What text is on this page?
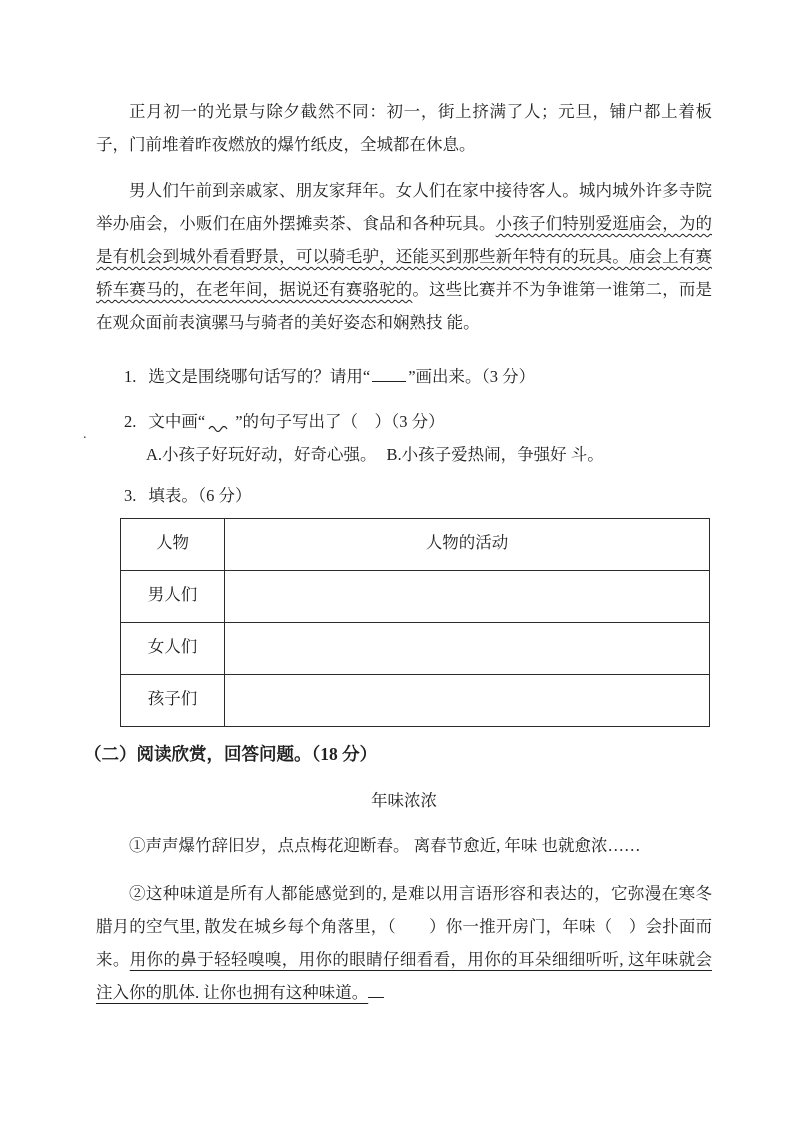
正月初一的光景与除夕截然不同：初一，街上挤满了人；元旦，铺户都上着板子，门前堆着昨夜燃放的爆竹纸皮，全城都在休息。

男人们午前到亲戚家、朋友家拜年。女人们在家中接待客人。城内城外许多寺院举办庙会，小贩们在庙外摆摊卖茶、食品和各种玩具。小孩子们特别爱逛庙会，为的是有机会到城外看看野景，可以骑毛驴，还能买到那些新年特有的玩具。庙会上有赛轿车赛马的，在老年间，据说还有赛骆驼的。这些比赛并不为争谁第一谁第二，而是在观众面前表演骡马与骑者的美好姿态和娴熟技 能。

1. 选文是围绕哪句话写的？请用“ ”画出来。（3 分）

2. 文中画“ ”的句子写出了（　）（3 分）

A.小孩子好玩好动，好奇心强。 B.小孩子爱热闹，争强好 斗。

.

3. 填表。（6 分）

人物	人物的活动
男人们	
女人们	
孩子们	

（二）阅读欣赏，回答问题。（18 分）

年味浓浓

①声声爆竹辞旧岁，点点梅花迎断春。 离春节愈近, 年味 也就愈浓……

②这种味道是所有人都能感觉到的, 是难以用言语形容和表达的，它弥漫在寒冬腊月的空气里, 散发在城乡每个角落里，（　　）你一推开房门，年味（　）会扑面而来。用你的鼻于轻轻嗅嗅，用你的眼睛仔细看看，用你的耳朵细细听听, 这年味就会注入你的肌体. 让你也拥有这种味道。
